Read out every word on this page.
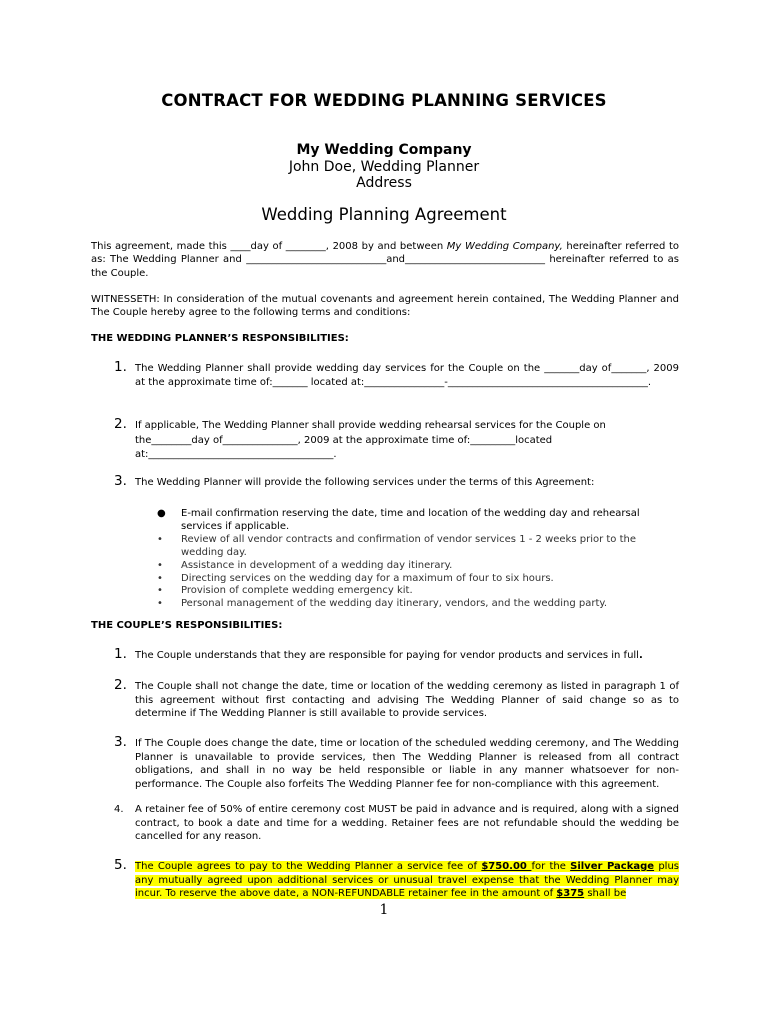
CONTRACT FOR WEDDING PLANNING SERVICES
My Wedding Company
John Doe, Wedding Planner
Address
Wedding Planning Agreement
This agreement, made this ____day of ________, 2008 by and between My Wedding Company, hereinafter referred to as: The Wedding Planner and ____________________________and____________________________ hereinafter referred to as the Couple.
WITNESSETH: In consideration of the mutual covenants and agreement herein contained, The Wedding Planner and The Couple hereby agree to the following terms and conditions:
THE WEDDING PLANNER’S RESPONSIBILITIES:
1. The Wedding Planner shall provide wedding day services for the Couple on the _______day of_______, 2009 at the approximate time of:_______ located at:________________-________________________________________.
2. If applicable, The Wedding Planner shall provide wedding rehearsal services for the Couple on
the________day of_______________, 2009 at the approximate time of:_________located
at:_____________________________________.
3. The Wedding Planner will provide the following services under the terms of this Agreement:
● E-mail confirmation reserving the date, time and location of the wedding day and rehearsal services if applicable.
• Review of all vendor contracts and confirmation of vendor services 1 - 2 weeks prior to the wedding day.
• Assistance in development of a wedding day itinerary.
• Directing services on the wedding day for a maximum of four to six hours.
• Provision of complete wedding emergency kit.
• Personal management of the wedding day itinerary, vendors, and the wedding party.
THE COUPLE’S RESPONSIBILITIES:
1. The Couple understands that they are responsible for paying for vendor products and services in full.
2. The Couple shall not change the date, time or location of the wedding ceremony as listed in paragraph 1 of this agreement without first contacting and advising The Wedding Planner of said change so as to determine if The Wedding Planner is still available to provide services.
3. If The Couple does change the date, time or location of the scheduled wedding ceremony, and The Wedding Planner is unavailable to provide services, then The Wedding Planner is released from all contract obligations, and shall in no way be held responsible or liable in any manner whatsoever for non-performance. The Couple also forfeits The Wedding Planner fee for non-compliance with this agreement.
4. A retainer fee of 50% of entire ceremony cost MUST be paid in advance and is required, along with a signed contract, to book a date and time for a wedding. Retainer fees are not refundable should the wedding be cancelled for any reason.
5. The Couple agrees to pay to the Wedding Planner a service fee of $750.00 for the Silver Package plus any mutually agreed upon additional services or unusual travel expense that the Wedding Planner may incur. To reserve the above date, a NON-REFUNDABLE retainer fee in the amount of $375 shall be
1
